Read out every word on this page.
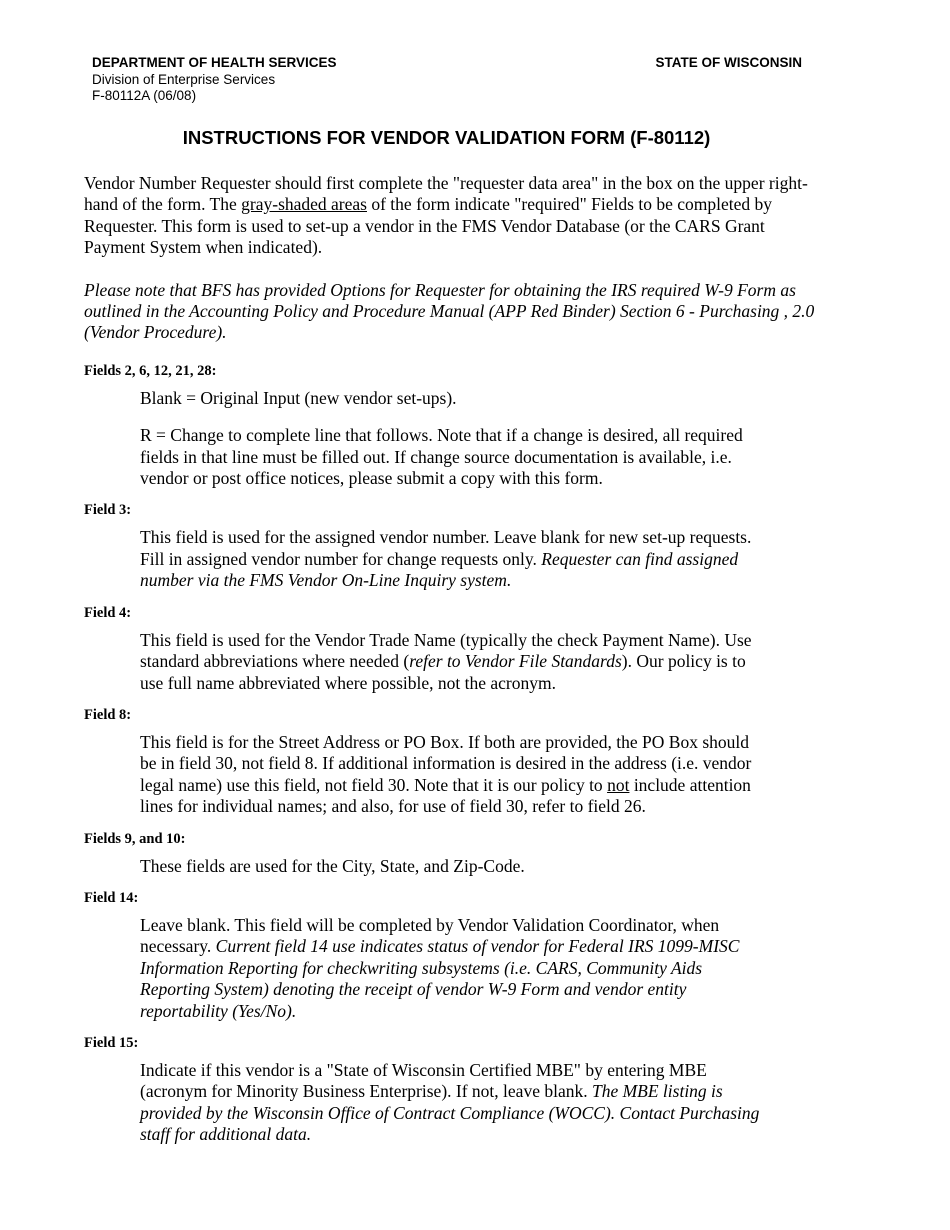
DEPARTMENT OF HEALTH SERVICES
Division of Enterprise Services
F-80112A (06/08)
STATE OF WISCONSIN
INSTRUCTIONS FOR VENDOR VALIDATION FORM (F-80112)

Vendor Number Requester should first complete the "requester data area" in the box on the upper right-hand of the form. The gray-shaded areas of the form indicate "required" Fields to be completed by Requester. This form is used to set-up a vendor in the FMS Vendor Database (or the CARS Grant Payment System when indicated).

Please note that BFS has provided Options for Requester for obtaining the IRS required W-9 Form as outlined in the Accounting Policy and Procedure Manual (APP Red Binder) Section 6 - Purchasing , 2.0 (Vendor Procedure).

Fields 2, 6, 12, 21, 28:

Blank = Original Input (new vendor set-ups).

R = Change to complete line that follows. Note that if a change is desired, all required fields in that line must be filled out. If change source documentation is available, i.e. vendor or post office notices, please submit a copy with this form.

Field 3:

This field is used for the assigned vendor number. Leave blank for new set-up requests. Fill in assigned vendor number for change requests only. Requester can find assigned number via the FMS Vendor On-Line Inquiry system.

Field 4:

This field is used for the Vendor Trade Name (typically the check Payment Name). Use standard abbreviations where needed (refer to Vendor File Standards). Our policy is to use full name abbreviated where possible, not the acronym.

Field 8:

This field is for the Street Address or PO Box. If both are provided, the PO Box should be in field 30, not field 8. If additional information is desired in the address (i.e. vendor legal name) use this field, not field 30. Note that it is our policy to not include attention lines for individual names; and also, for use of field 30, refer to field 26.

Fields 9, and 10:

These fields are used for the City, State, and Zip-Code.

Field 14:

Leave blank. This field will be completed by Vendor Validation Coordinator, when necessary. Current field 14 use indicates status of vendor for Federal IRS 1099-MISC Information Reporting for checkwriting subsystems (i.e. CARS, Community Aids Reporting System) denoting the receipt of vendor W-9 Form and vendor entity reportability (Yes/No).

Field 15:

Indicate if this vendor is a "State of Wisconsin Certified MBE" by entering MBE (acronym for Minority Business Enterprise). If not, leave blank. The MBE listing is provided by the Wisconsin Office of Contract Compliance (WOCC). Contact Purchasing staff for additional data.
